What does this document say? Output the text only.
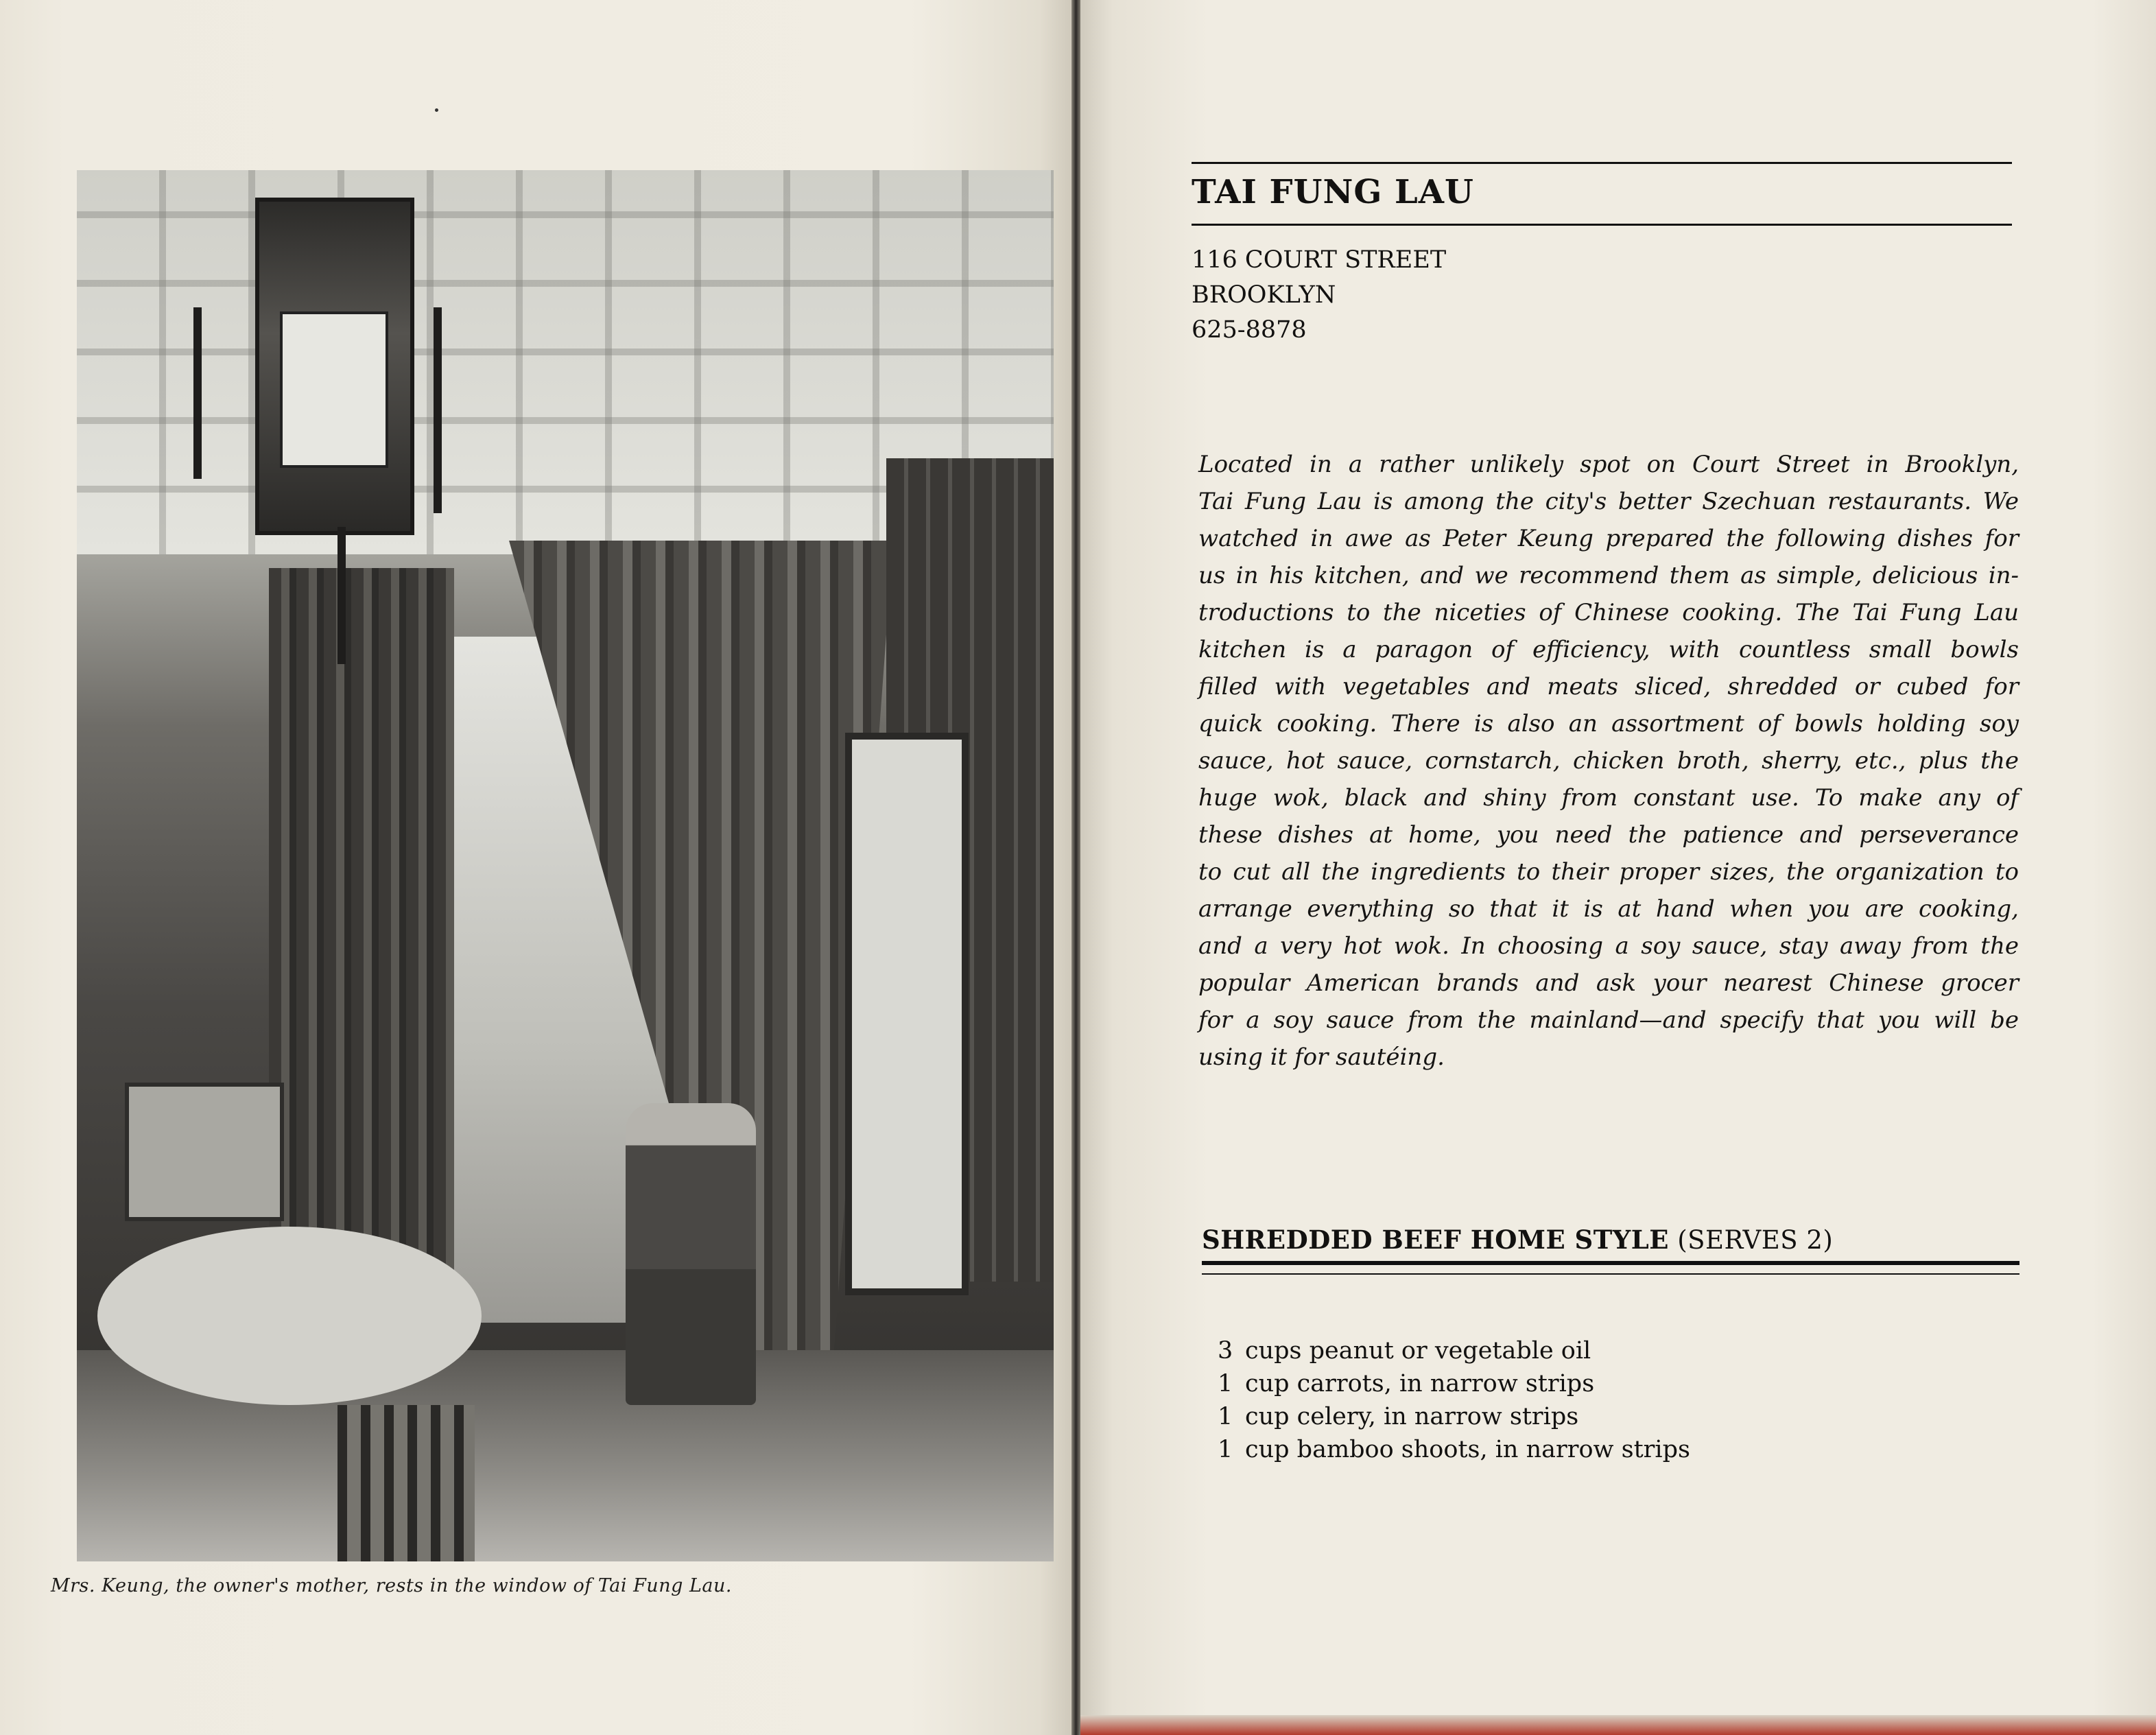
Mrs. Keung, the owner's mother, rests in the window of Tai Fung Lau.
TAI FUNG LAU
116 COURT STREET
BROOKLYN
625-8878
Located in a rather unlikely spot on Court Street in Brooklyn,
Tai Fung Lau is among the city's better Szechuan restaurants. We
watched in awe as Peter Keung prepared the following dishes for
us in his kitchen, and we recommend them as simple, delicious in-
troductions to the niceties of Chinese cooking. The Tai Fung Lau
kitchen is a paragon of efficiency, with countless small bowls
filled with vegetables and meats sliced, shredded or cubed for
quick cooking. There is also an assortment of bowls holding soy
sauce, hot sauce, cornstarch, chicken broth, sherry, etc., plus the
huge wok, black and shiny from constant use. To make any of
these dishes at home, you need the patience and perseverance
to cut all the ingredients to their proper sizes, the organization to
arrange everything so that it is at hand when you are cooking,
and a very hot wok. In choosing a soy sauce, stay away from the
popular American brands and ask your nearest Chinese grocer
for a soy sauce from the mainland—and specify that you will be
using it for sautéing.
SHREDDED BEEF HOME STYLE (SERVES 2)
3 cups peanut or vegetable oil
1 cup carrots, in narrow strips
1 cup celery, in narrow strips
1 cup bamboo shoots, in narrow strips
